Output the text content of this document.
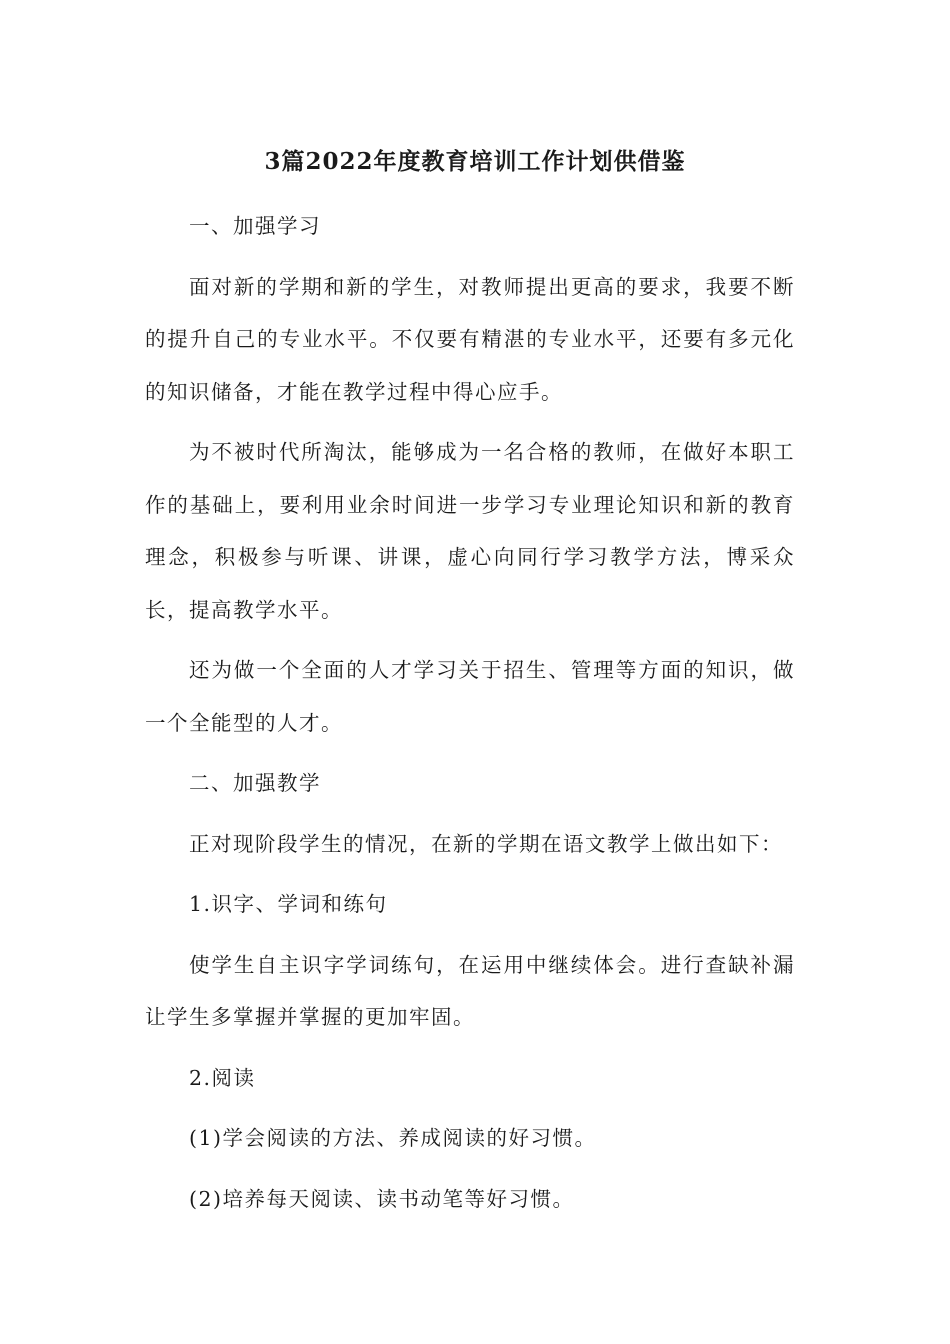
3篇2022年度教育培训工作计划供借鉴

一、加强学习

面对新的学期和新的学生，对教师提出更高的要求，我要不断的提升自己的专业水平。不仅要有精湛的专业水平，还要有多元化的知识储备，才能在教学过程中得心应手。

为不被时代所淘汰，能够成为一名合格的教师，在做好本职工作的基础上，要利用业余时间进一步学习专业理论知识和新的教育理念，积极参与听课、讲课，虚心向同行学习教学方法，博采众长，提高教学水平。

还为做一个全面的人才学习关于招生、管理等方面的知识，做一个全能型的人才。

二、加强教学

正对现阶段学生的情况，在新的学期在语文教学上做出如下：

1.识字、学词和练句

使学生自主识字学词练句，在运用中继续体会。进行查缺补漏让学生多掌握并掌握的更加牢固。

2.阅读

(1)学会阅读的方法、养成阅读的好习惯。

(2)培养每天阅读、读书动笔等好习惯。
